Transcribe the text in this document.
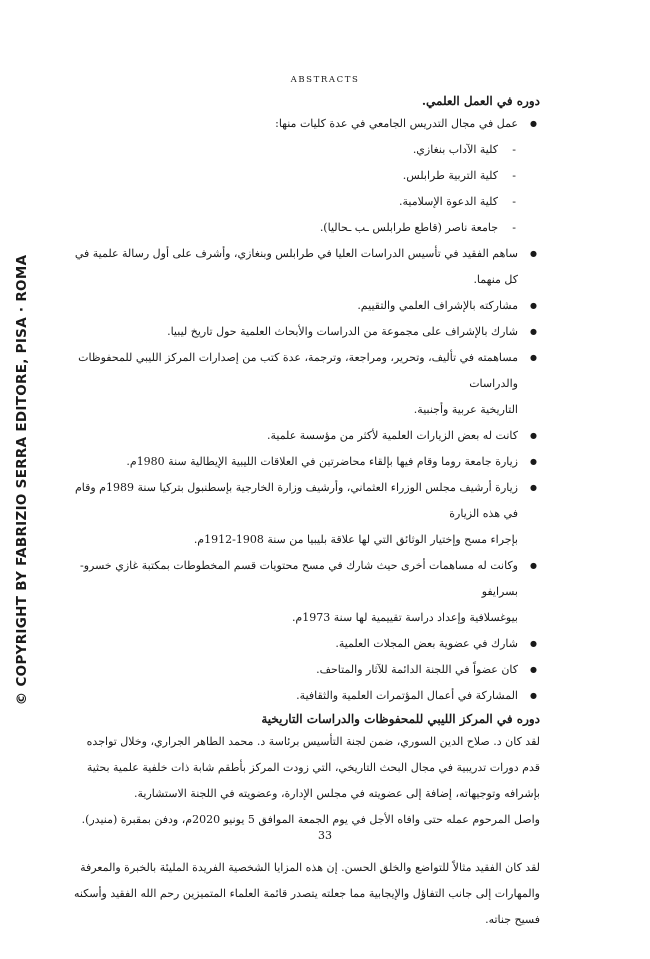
© COPYRIGHT BY FABRIZIO SERRA EDITORE, PISA · ROMA
ABSTRACTS
دوره في العمل العلمي.
● عمل في مجال التدريس الجامعي في عدة كليات منها:
- كلية الآداب بنغازي.
- كلية التربية طرابلس.
- كلية الدعوة الإسلامية.
- جامعة ناصر (قاطع طرابلس ـب ـحاليا).
● ساهم الفقيد في تأسيس الدراسات العليا في طرابلس وبنغازي، وأشرف على أول رسالة علمية في كل منهما.
● مشاركته بالإشراف العلمي والتقييم.
● شارك بالإشراف على مجموعة من الدراسات والأبحاث العلمية حول تاريخ ليبيا.
● مساهمته في تأليف، وتحرير، ومراجعة، وترجمة، عدة كتب من إصدارات المركز الليبي للمحفوظات والدراسات
التاريخية عربية وأجنبية.
● كانت له بعض الزيارات العلمية لأكثر من مؤسسة علمية.
● زيارة جامعة روما وقام فيها بإلقاء محاضرتين في العلاقات الليبية الإيطالية سنة 1980م.
● زيارة أرشيف مجلس الوزراء العثماني، وأرشيف وزارة الخارجية بإسطنبول بتركيا سنة 1989م وقام في هذه الزيارة
بإجراء مسح وإختيار الوثائق التي لها علاقة بليبيا من سنة 1908-1912م.
● وكانت له مساهمات أخرى حيث شارك في مسح محتويات قسم المخطوطات بمكتبة غازي خسرو-بسرايفو
بيوغسلافية وإعداد دراسة تقييمية لها سنة 1973م.
● شارك في عضوية بعض المجلات العلمية.
● كان عضواً في اللجنة الدائمة للآثار والمتاحف.
● المشاركة في أعمال المؤتمرات العلمية والثقافية.
دوره في المركز الليبي للمحفوظات والدراسات التاريخية

لقد كان د. صلاح الدين السوري، ضمن لجنة التأسيس برئاسة د. محمد الطاهر الجراري، وخلال تواجده قدم دورات تدريبية في مجال البحث التاريخي، التي زودت المركز بأطقم شابة ذات خلفية علمية بحثية بإشرافه وتوجيهاته، إضافة إلى عضويته في مجلس الإدارة، وعضويته في اللجنة الاستشارية.

واصل المرحوم عمله حتى وافاه الأجل في يوم الجمعة الموافق 5 يونيو 2020م، ودفن بمقبرة (منيدر).

لقد كان الفقيد مثالاً للتواضع والخلق الحسن. إن هذه المزايا الشخصية الفريدة المليئة بالخبرة والمعرفة والمهارات إلى جانب التفاؤل والإيجابية مما جعلته يتصدر قائمة العلماء المتميزين رحم الله الفقيد وأسكنه فسيح جناته.

33
